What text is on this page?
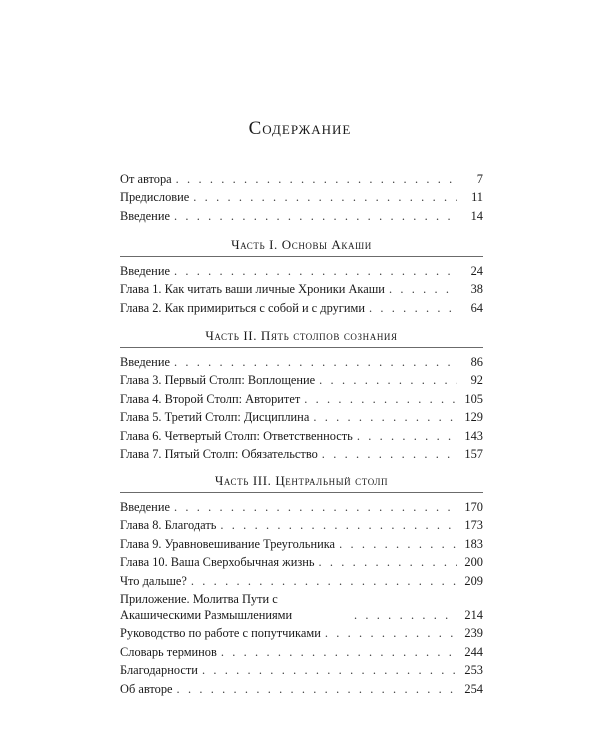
Содержание
От автора . . .	7
Предисловие . . .	11
Введение . . .	14
Часть I. Основы Акаши
Введение . . .	24
Глава 1. Как читать ваши личные Хроники Акаши . . .	38
Глава 2. Как примириться с собой и с другими . . .	64
Часть II. Пять столпов сознания
Введение . . .	86
Глава 3. Первый Столп: Воплощение . . .	92
Глава 4. Второй Столп: Авторитет . . .	105
Глава 5. Третий Столп: Дисциплина . . .	129
Глава 6. Четвертый Столп: Ответственность . . .	143
Глава 7. Пятый Столп: Обязательство . . .	157
Часть III. Центральный столп
Введение . . .	170
Глава 8. Благодать . . .	173
Глава 9. Уравновешивание Треугольника . . .	183
Глава 10. Ваша Сверхобычная жизнь . . .	200
Что дальше? . . .	209
Приложение. Молитва Пути с Акашическими Размышлениями . . .	214
Руководство по работе с попутчиками . . .	239
Словарь терминов . . .	244
Благодарности . . .	253
Об авторе . . .	254
